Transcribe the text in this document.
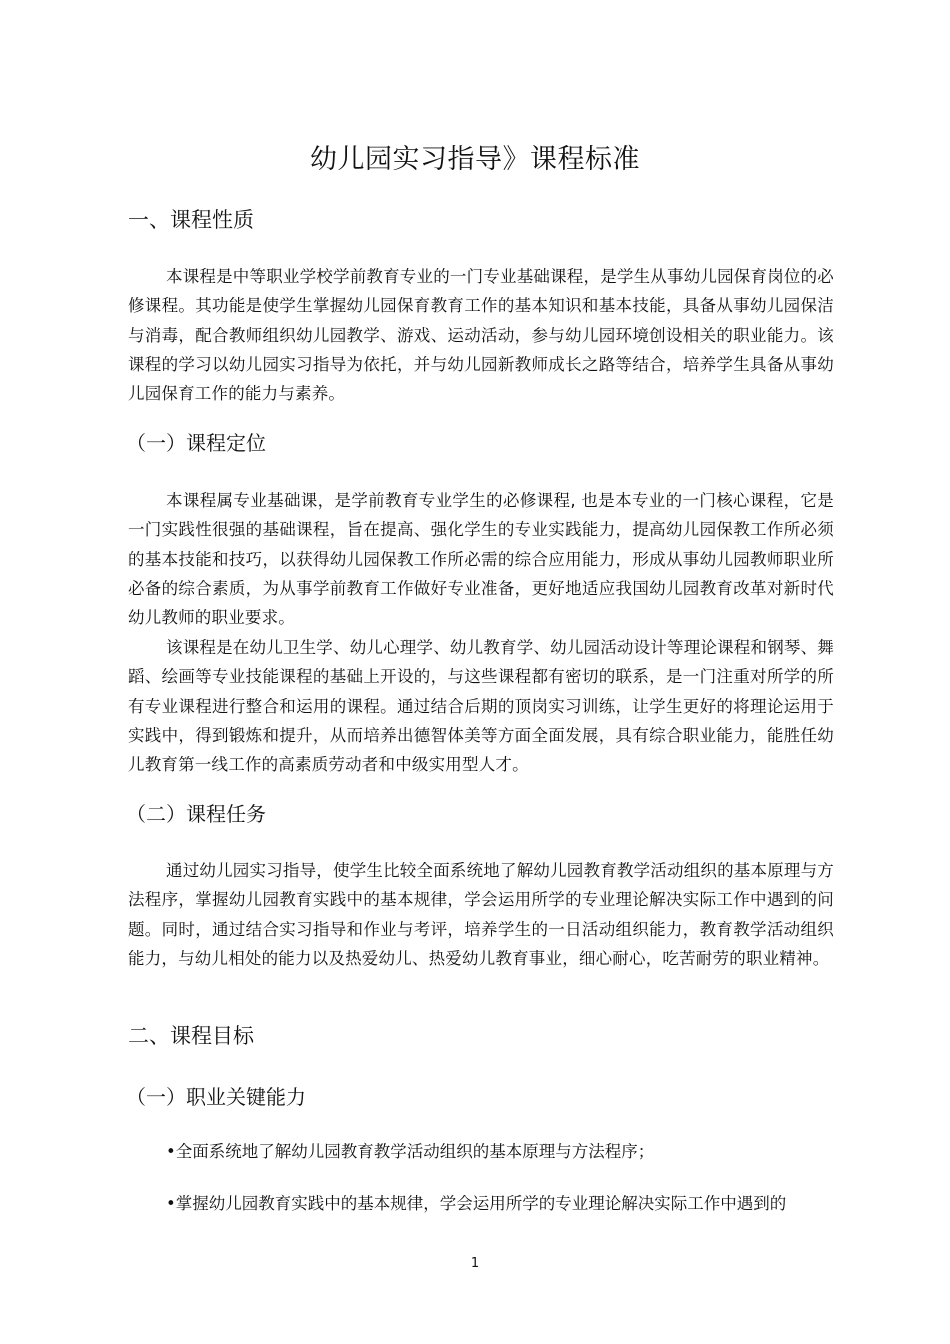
幼儿园实习指导》课程标准
一、课程性质

本课程是中等职业学校学前教育专业的一门专业基础课程，是学生从事幼儿园保育岗位的必修课程。其功能是使学生掌握幼儿园保育教育工作的基本知识和基本技能，具备从事幼儿园保洁与消毒，配合教师组织幼儿园教学、游戏、运动活动，参与幼儿园环境创设相关的职业能力。该课程的学习以幼儿园实习指导为依托，并与幼儿园新教师成长之路等结合，培养学生具备从事幼儿园保育工作的能力与素养。

（一）课程定位

本课程属专业基础课，是学前教育专业学生的必修课程, 也是本专业的一门核心课程，它是一门实践性很强的基础课程，旨在提高、强化学生的专业实践能力，提高幼儿园保教工作所必须的基本技能和技巧，以获得幼儿园保教工作所必需的综合应用能力，形成从事幼儿园教师职业所必备的综合素质，为从事学前教育工作做好专业准备，更好地适应我国幼儿园教育改革对新时代幼儿教师的职业要求。

该课程是在幼儿卫生学、幼儿心理学、幼儿教育学、幼儿园活动设计等理论课程和钢琴、舞蹈、绘画等专业技能课程的基础上开设的，与这些课程都有密切的联系，是一门注重对所学的所有专业课程进行整合和运用的课程。通过结合后期的顶岗实习训练，让学生更好的将理论运用于实践中，得到锻炼和提升，从而培养出德智体美等方面全面发展，具有综合职业能力，能胜任幼儿教育第一线工作的高素质劳动者和中级实用型人才。

（二）课程任务

通过幼儿园实习指导，使学生比较全面系统地了解幼儿园教育教学活动组织的基本原理与方法程序，掌握幼儿园教育实践中的基本规律，学会运用所学的专业理论解决实际工作中遇到的问题。同时，通过结合实习指导和作业与考评，培养学生的一日活动组织能力，教育教学活动组织能力，与幼儿相处的能力以及热爱幼儿、热爱幼儿教育事业，细心耐心，吃苦耐劳的职业精神。

二、课程目标
（一）职业关键能力

•全面系统地了解幼儿园教育教学活动组织的基本原理与方法程序；

•掌握幼儿园教育实践中的基本规律，学会运用所学的专业理论解决实际工作中遇到的

1
